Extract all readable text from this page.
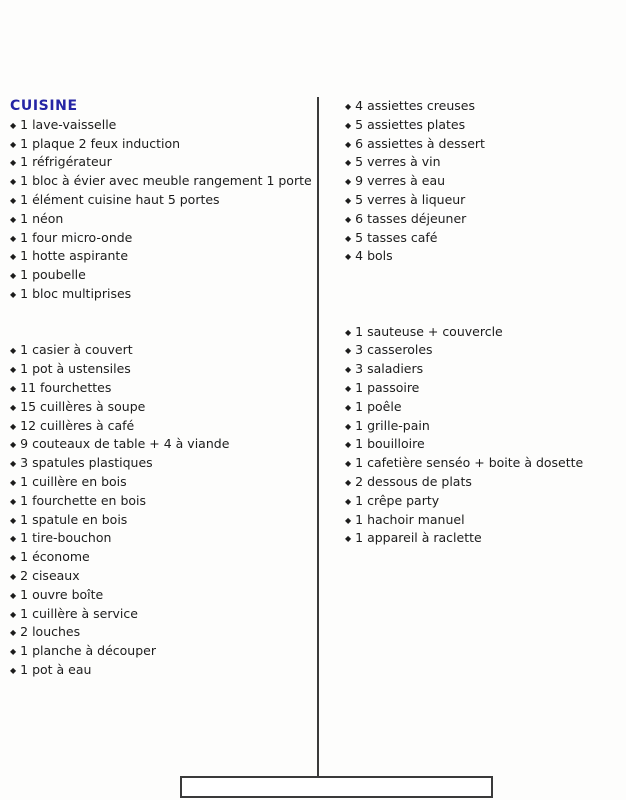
CUISINE
◆ 1 lave-vaisselle
◆ 1 plaque 2 feux induction
◆ 1 réfrigérateur
◆ 1 bloc à évier avec meuble rangement 1 porte
◆ 1 élément cuisine haut 5 portes
◆ 1 néon
◆ 1 four micro-onde
◆ 1 hotte aspirante
◆ 1 poubelle
◆ 1 bloc multiprises
◆ 1 casier à couvert
◆ 1 pot à ustensiles
◆ 11 fourchettes
◆ 15 cuillères à soupe
◆ 12 cuillères à café
◆ 9 couteaux de table + 4 à viande
◆ 3 spatules plastiques
◆ 1 cuillère en bois
◆ 1 fourchette en bois
◆ 1 spatule en bois
◆ 1 tire-bouchon
◆ 1 économe
◆ 2 ciseaux
◆ 1 ouvre boîte
◆ 1 cuillère à service
◆ 2 louches
◆ 1 planche à découper
◆ 1 pot à eau
◆ 4 assiettes creuses
◆ 5 assiettes plates
◆ 6 assiettes à dessert
◆ 5 verres à vin
◆ 9 verres à eau
◆ 5 verres à liqueur
◆ 6 tasses déjeuner
◆ 5 tasses café
◆ 4 bols
◆ 1 sauteuse + couvercle
◆ 3 casseroles
◆ 3 saladiers
◆ 1 passoire
◆ 1 poêle
◆ 1 grille-pain
◆ 1 bouilloire
◆ 1 cafetière senséo + boite à dosette
◆ 2 dessous de plats
◆ 1 crêpe party
◆ 1 hachoir manuel
◆ 1 appareil à raclette
